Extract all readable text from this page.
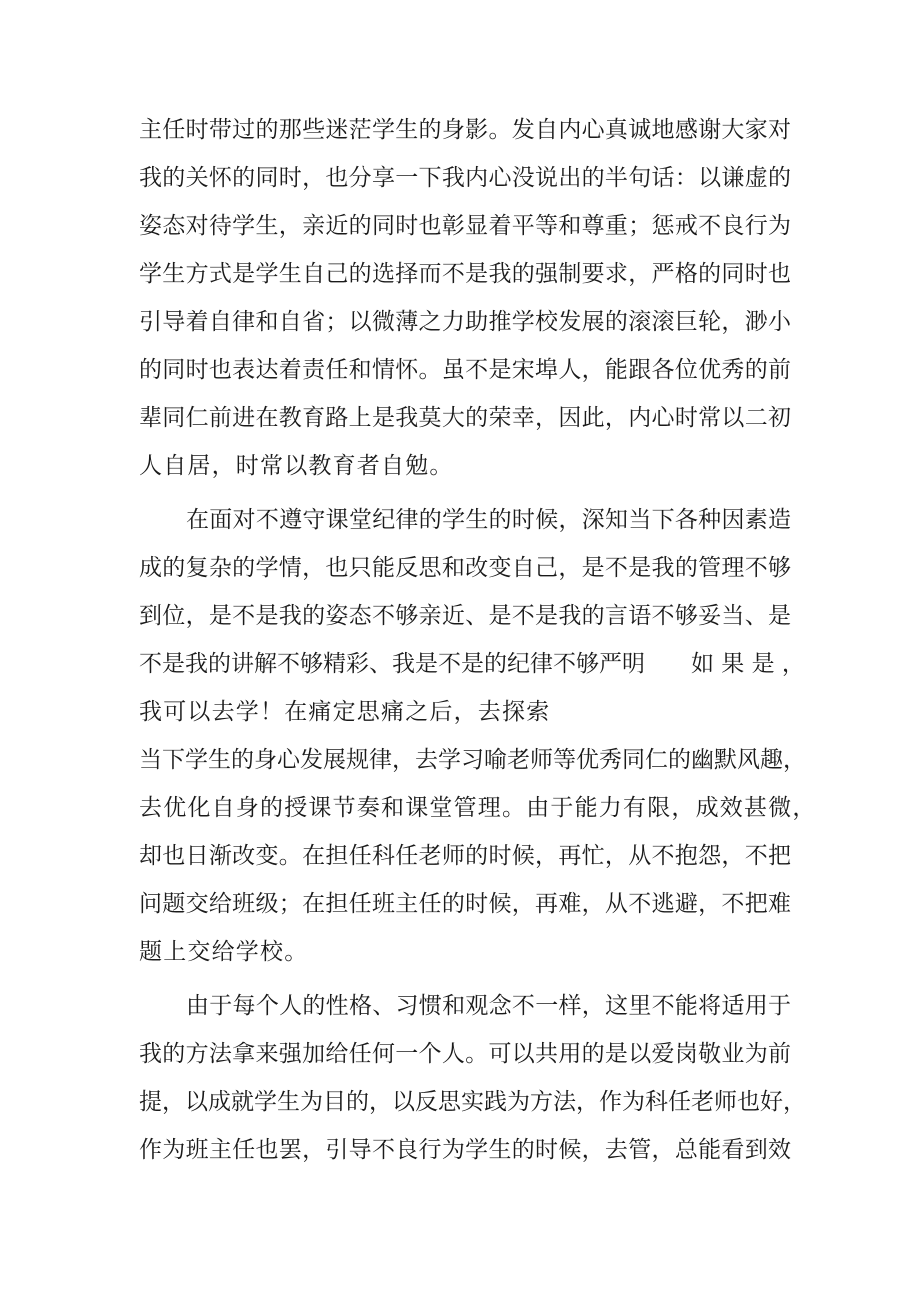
主任时带过的那些迷茫学生的身影。发自内心真诚地感谢大家对
我的关怀的同时，也分享一下我内心没说出的半句话：以谦虚的
姿态对待学生，亲近的同时也彰显着平等和尊重；惩戒不良行为
学生方式是学生自己的选择而不是我的强制要求，严格的同时也
引导着自律和自省；以微薄之力助推学校发展的滚滚巨轮，渺小
的同时也表达着责任和情怀。虽不是宋埠人，能跟各位优秀的前
辈同仁前进在教育路上是我莫大的荣幸，因此，内心时常以二初
人自居，时常以教育者自勉。
在面对不遵守课堂纪律的学生的时候，深知当下各种因素造
成的复杂的学情，也只能反思和改变自己，是不是我的管理不够
到位，是不是我的姿态不够亲近、是不是我的言语不够妥当、是
不是我的讲解不够精彩、我是不是的纪律不够严明　　如 果 是 ，
我可以去学！在痛定思痛之后，去探索
当下学生的身心发展规律，去学习喻老师等优秀同仁的幽默风趣，
去优化自身的授课节奏和课堂管理。由于能力有限，成效甚微，
却也日渐改变。在担任科任老师的时候，再忙，从不抱怨，不把
问题交给班级；在担任班主任的时候，再难，从不逃避，不把难
题上交给学校。
由于每个人的性格、习惯和观念不一样，这里不能将适用于
我的方法拿来强加给任何一个人。可以共用的是以爱岗敬业为前
提，以成就学生为目的，以反思实践为方法，作为科任老师也好，
作为班主任也罢，引导不良行为学生的时候，去管，总能看到效
